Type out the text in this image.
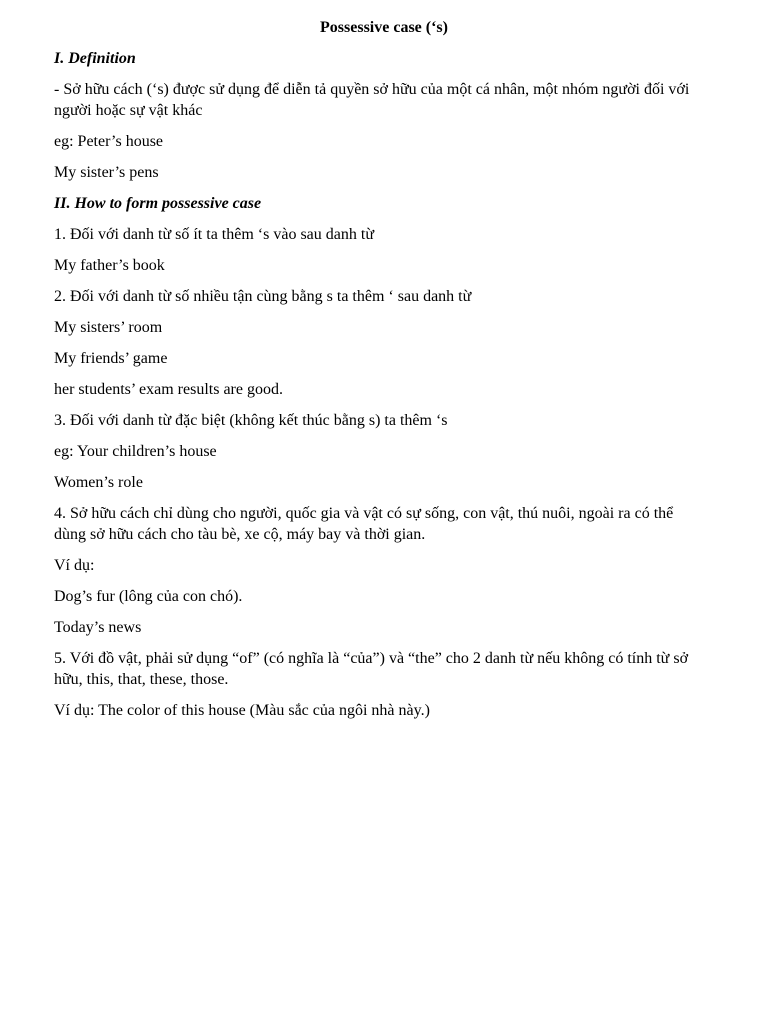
Possessive case (‘s)
I. Definition
- Sở hữu cách (‘s) được sử dụng để diễn tả quyền sở hữu của một cá nhân, một nhóm người đối với người hoặc sự vật khác
eg: Peter’s house
My sister’s pens
II. How to form possessive case
1. Đối với danh từ số ít ta thêm ‘s vào sau danh từ
My father’s book
2. Đối với danh từ số nhiều tận cùng bằng s ta thêm ‘ sau danh từ
My sisters’ room
My friends’ game
her students’ exam results are good.
3. Đối với danh từ đặc biệt (không kết thúc bằng s) ta thêm ‘s
eg: Your children’s house
Women’s role
4. Sở hữu cách chỉ dùng cho người, quốc gia và vật có sự sống, con vật, thú nuôi, ngoài ra có thể dùng sở hữu cách cho tàu bè, xe cộ, máy bay và thời gian.
Ví dụ:
Dog’s fur (lông của con chó).
Today’s news
5. Với đồ vật, phải sử dụng “of” (có nghĩa là “của”) và “the” cho 2 danh từ nếu không có tính từ sở hữu, this, that, these, those.
Ví dụ: The color of this house (Màu sắc của ngôi nhà này.)
